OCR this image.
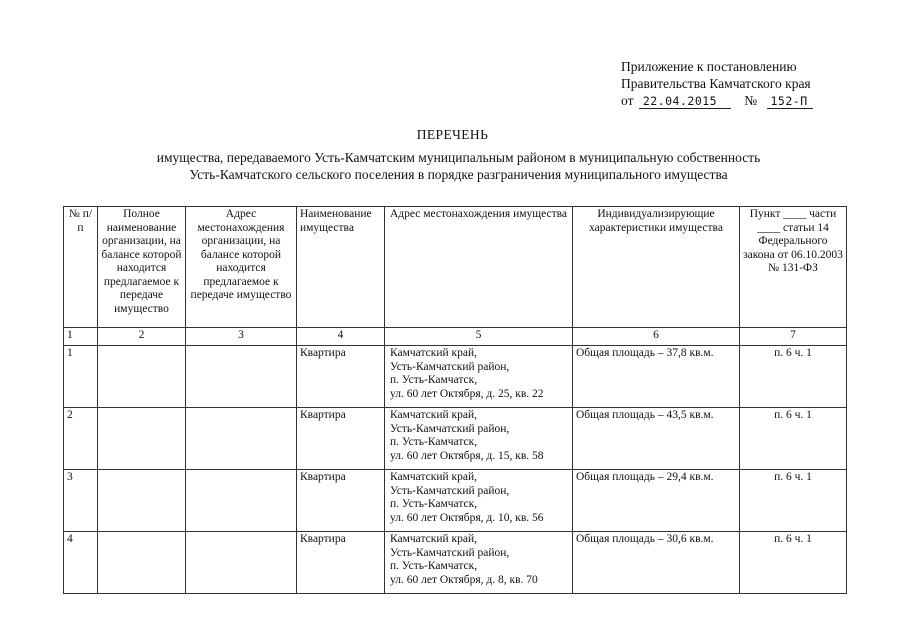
Приложение к постановлению
Правительства Камчатского края
от 22.04.2015 № 152-П
ПЕРЕЧЕНЬ
имущества, передаваемого Усть-Камчатским муниципальным районом в муниципальную собственность
Усть-Камчатского сельского поселения в порядке разграничения муниципального имущества
№ п/п	Полное наименование организации, на балансе которой находится предлагаемое к передаче имущество	Адрес местонахождения организации, на балансе которой находится предлагаемое к передаче имущество	Наименование имущества	Адрес местонахождения имущества	Индивидуализирующие характеристики имущества	Пункт ____ части ____ статьи 14 Федерального закона от 06.10.2003 № 131-ФЗ
1	2	3	4	5	6	7
1			Квартира	Камчатский край,
Усть-Камчатский район,
п. Усть-Камчатск,
ул. 60 лет Октября, д. 25, кв. 22	Общая площадь – 37,8 кв.м.	п. 6 ч. 1
2			Квартира	Камчатский край,
Усть-Камчатский район,
п. Усть-Камчатск,
ул. 60 лет Октября, д. 15, кв. 58	Общая площадь – 43,5 кв.м.	п. 6 ч. 1
3			Квартира	Камчатский край,
Усть-Камчатский район,
п. Усть-Камчатск,
ул. 60 лет Октября, д. 10, кв. 56	Общая площадь – 29,4 кв.м.	п. 6 ч. 1
4			Квартира	Камчатский край,
Усть-Камчатский район,
п. Усть-Камчатск,
ул. 60 лет Октября, д. 8, кв. 70	Общая площадь – 30,6 кв.м.	п. 6 ч. 1
